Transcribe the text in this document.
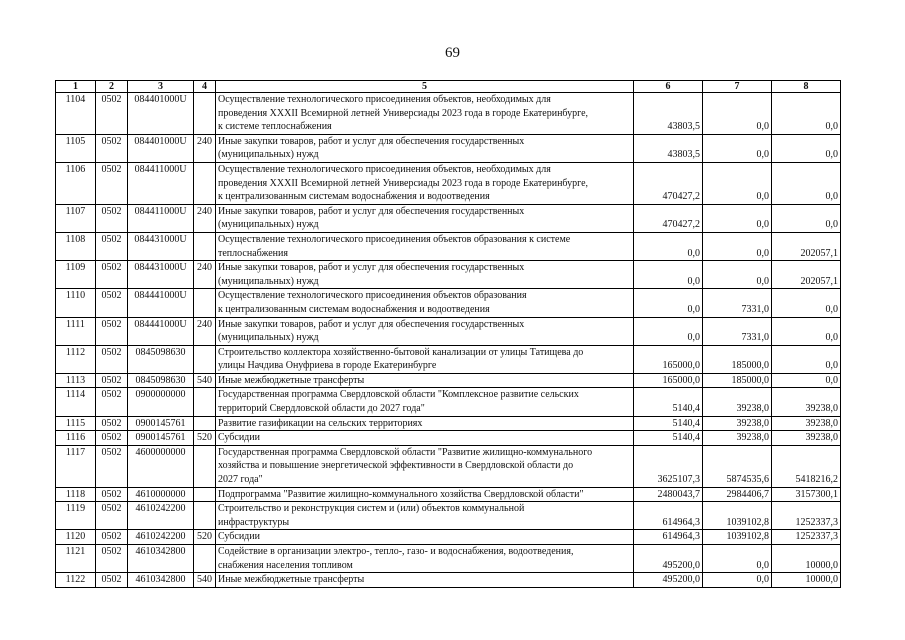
69
1	2	3	4	5	6	7	8
1104	0502	084401000U		Осуществление технологического присоединения объектов, необходимых для
проведения XXXII Всемирной летней Универсиады 2023 года в городе Екатеринбурге,
к системе теплоснабжения	43803,5	0,0	0,0
1105	0502	084401000U	240	Иные закупки товаров, работ и услуг для обеспечения государственных
(муниципальных) нужд	43803,5	0,0	0,0
1106	0502	084411000U		Осуществление технологического присоединения объектов, необходимых для
проведения XXXII Всемирной летней Универсиады 2023 года в городе Екатеринбурге,
к централизованным системам водоснабжения и водоотведения	470427,2	0,0	0,0
1107	0502	084411000U	240	Иные закупки товаров, работ и услуг для обеспечения государственных
(муниципальных) нужд	470427,2	0,0	0,0
1108	0502	084431000U		Осуществление технологического присоединения объектов образования к системе
теплоснабжения	0,0	0,0	202057,1
1109	0502	084431000U	240	Иные закупки товаров, работ и услуг для обеспечения государственных
(муниципальных) нужд	0,0	0,0	202057,1
1110	0502	084441000U		Осуществление технологического присоединения объектов образования
к централизованным системам водоснабжения и водоотведения	0,0	7331,0	0,0
1111	0502	084441000U	240	Иные закупки товаров, работ и услуг для обеспечения государственных
(муниципальных) нужд	0,0	7331,0	0,0
1112	0502	0845098630		Строительство коллектора хозяйственно-бытовой канализации от улицы Татищева до
улицы Начдива Онуфриева в городе Екатеринбурге	165000,0	185000,0	0,0
1113	0502	0845098630	540	Иные межбюджетные трансферты	165000,0	185000,0	0,0
1114	0502	0900000000		Государственная программа Свердловской области "Комплексное развитие сельских
территорий Свердловской области до 2027 года"	5140,4	39238,0	39238,0
1115	0502	0900145761		Развитие газификации на сельских территориях	5140,4	39238,0	39238,0
1116	0502	0900145761	520	Субсидии	5140,4	39238,0	39238,0
1117	0502	4600000000		Государственная программа Свердловской области "Развитие жилищно-коммунального
хозяйства и повышение энергетической эффективности в Свердловской области до
2027 года"	3625107,3	5874535,6	5418216,2
1118	0502	4610000000		Подпрограмма "Развитие жилищно-коммунального хозяйства Свердловской области"	2480043,7	2984406,7	3157300,1
1119	0502	4610242200		Строительство и реконструкция систем и (или) объектов коммунальной
инфраструктуры	614964,3	1039102,8	1252337,3
1120	0502	4610242200	520	Субсидии	614964,3	1039102,8	1252337,3
1121	0502	4610342800		Содействие в организации электро-, тепло-, газо- и водоснабжения, водоотведения,
снабжения населения топливом	495200,0	0,0	10000,0
1122	0502	4610342800	540	Иные межбюджетные трансферты	495200,0	0,0	10000,0
